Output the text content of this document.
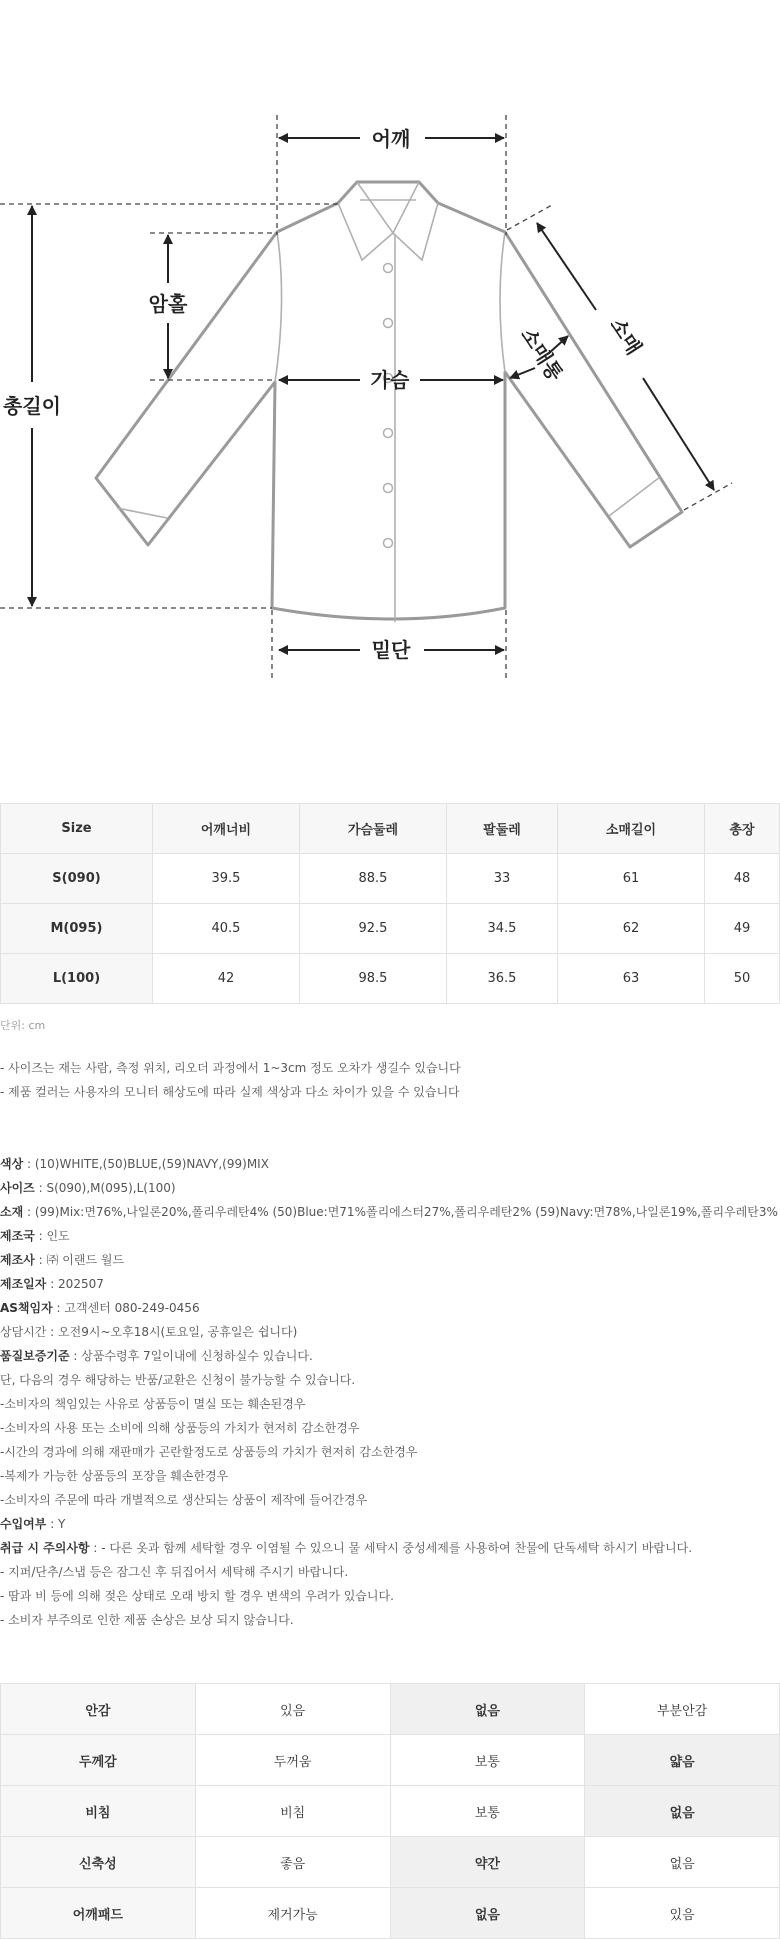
어깨
총길이
암홀
가슴
밑단
소매
소매통
Size	어깨너비	가슴둘레	팔둘레	소매길이	총장
S(090)	39.5	88.5	33	61	48
M(095)	40.5	92.5	34.5	62	49
L(100)	42	98.5	36.5	63	50
단위: cm
- 사이즈는 재는 사람, 측정 위치, 리오더 과정에서 1~3cm 정도 오차가 생길수 있습니다
- 제품 컬러는 사용자의 모니터 해상도에 따라 실제 색상과 다소 차이가 있을 수 있습니다
색상 : (10)WHITE,(50)BLUE,(59)NAVY,(99)MIX
사이즈 : S(090),M(095),L(100)
소재 : (99)Mix:면76%,나일론20%,폴리우레탄4% (50)Blue:면71%폴리에스터27%,폴리우레탄2% (59)Navy:면78%,나일론19%,폴리우레탄3%
제조국 : 인도
제조사 : ㈜ 이랜드 월드
제조일자 : 202507
AS책임자 : 고객센터 080-249-0456
상담시간 : 오전9시~오후18시(토요일, 공휴일은 쉽니다)
품질보증기준 : 상품수령후 7일이내에 신청하실수 있습니다.
단, 다음의 경우 해당하는 반품/교환은 신청이 불가능할 수 있습니다.
-소비자의 책임있는 사유로 상품등이 멸실 또는 훼손된경우
-소비자의 사용 또는 소비에 의해 상품등의 가치가 현저히 감소한경우
-시간의 경과에 의해 재판매가 곤란할정도로 상품등의 가치가 현저히 감소한경우
-복제가 가능한 상품등의 포장을 훼손한경우
-소비자의 주문에 따라 개별적으로 생산되는 상품이 제작에 들어간경우
수입여부 : Y
취급 시 주의사항 : - 다른 옷과 함께 세탁할 경우 이염될 수 있으니 물 세탁시 중성세제를 사용하여 찬물에 단독세탁 하시기 바랍니다.
- 지퍼/단추/스냅 등은 잠그신 후 뒤집어서 세탁해 주시기 바랍니다.
- 땀과 비 등에 의해 젖은 상태로 오래 방치 할 경우 변색의 우려가 있습니다.
- 소비자 부주의로 인한 제품 손상은 보상 되지 않습니다.
안감	있음	없음	부분안감
두께감	두꺼움	보통	얇음
비침	비침	보통	없음
신축성	좋음	약간	없음
어깨패드	제거가능	없음	있음
